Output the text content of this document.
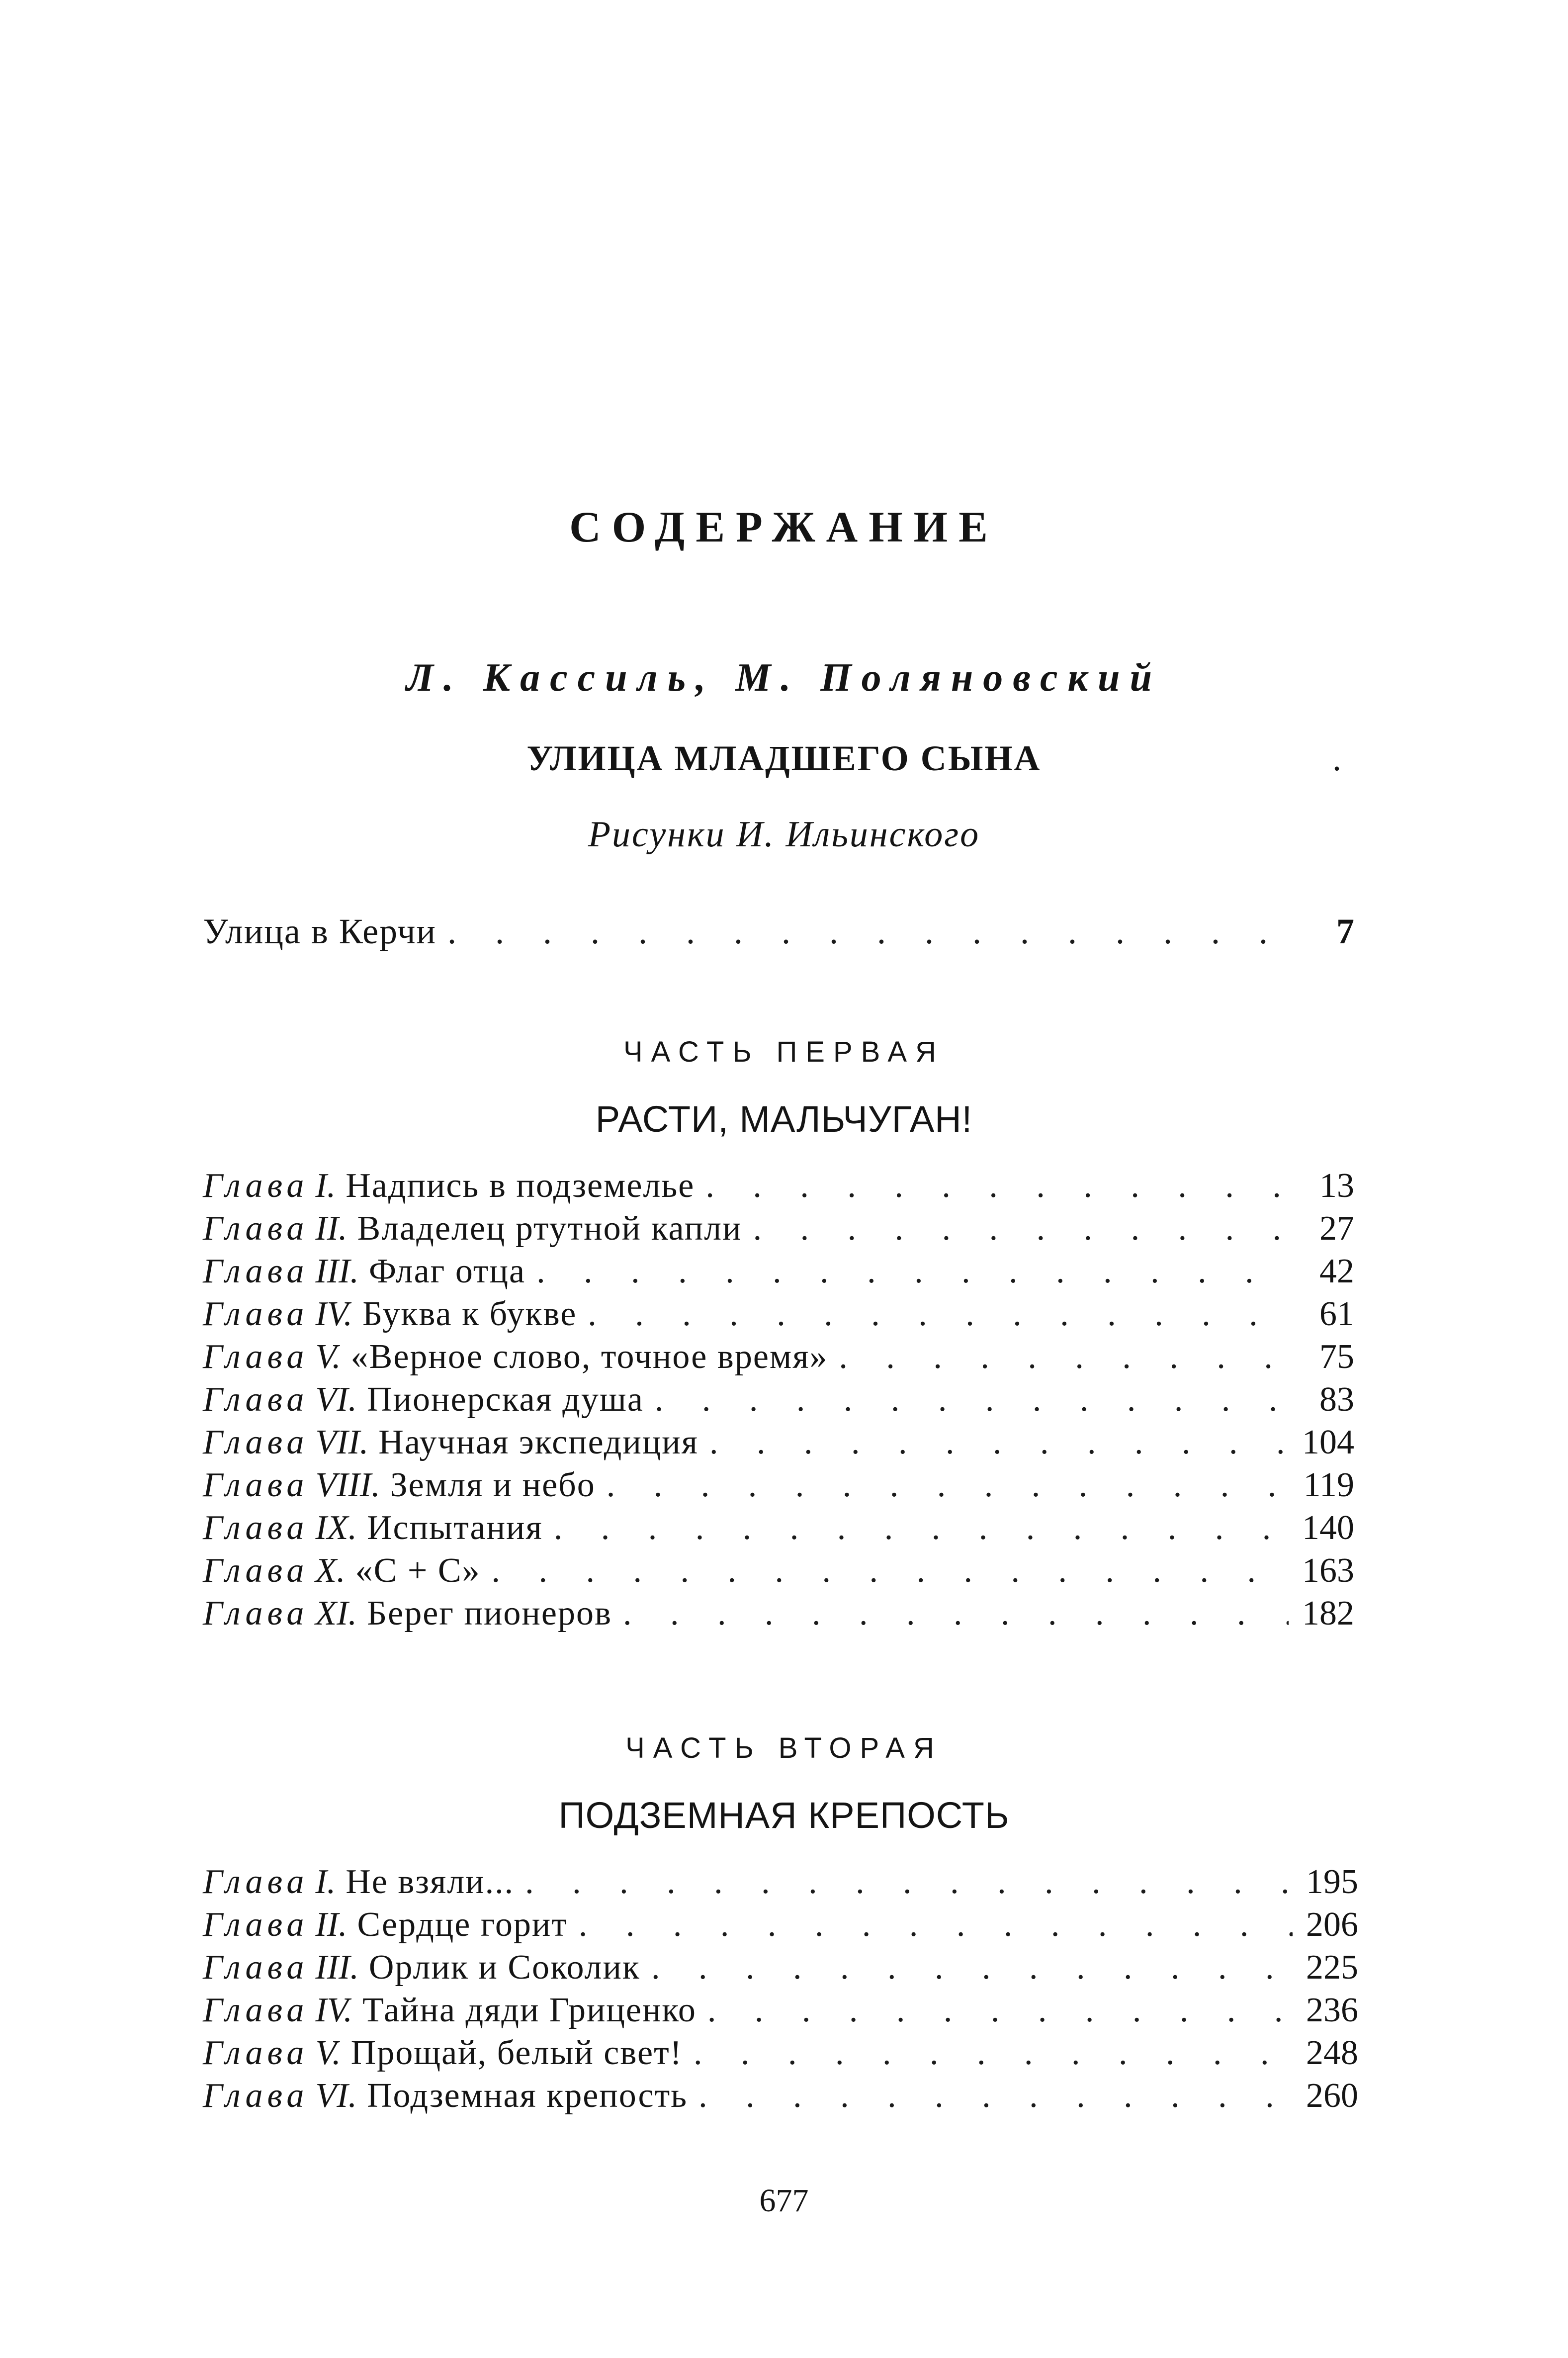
СОДЕРЖАНИЕ
Л. Кассиль, М. Поляновский
УЛИЦА МЛАДШЕГО СЫНА	.
Рисунки И. Ильинского
Улица в Керчи . . .	7
ЧАСТЬ ПЕРВАЯ
РАСТИ, МАЛЬЧУГАН!
Глава I. Надпись в подземелье . . .	13
Глава II. Владелец ртутной капли . . .	27
Глава III. Флаг отца . . .	42
Глава IV. Буква к букве . . .	61
Глава V. «Верное слово, точное время» . . .	75
Глава VI. Пионерская душа . . .	83
Глава VII. Научная экспедиция . . .	104
Глава VIII. Земля и небо . . .	119
Глава IX. Испытания . . .	140
Глава X. «С + С» . . .	163
Глава XI. Берег пионеров . . .	182
ЧАСТЬ ВТОРАЯ
ПОДЗЕМНАЯ КРЕПОСТЬ
Глава I. Не взяли... . . .	195
Глава II. Сердце горит . . .	206
Глава III. Орлик и Соколик . . .	225
Глава IV. Тайна дяди Гриценко . . .	236
Глава V. Прощай, белый свет! . . .	248
Глава VI. Подземная крепость . . .	260
677
